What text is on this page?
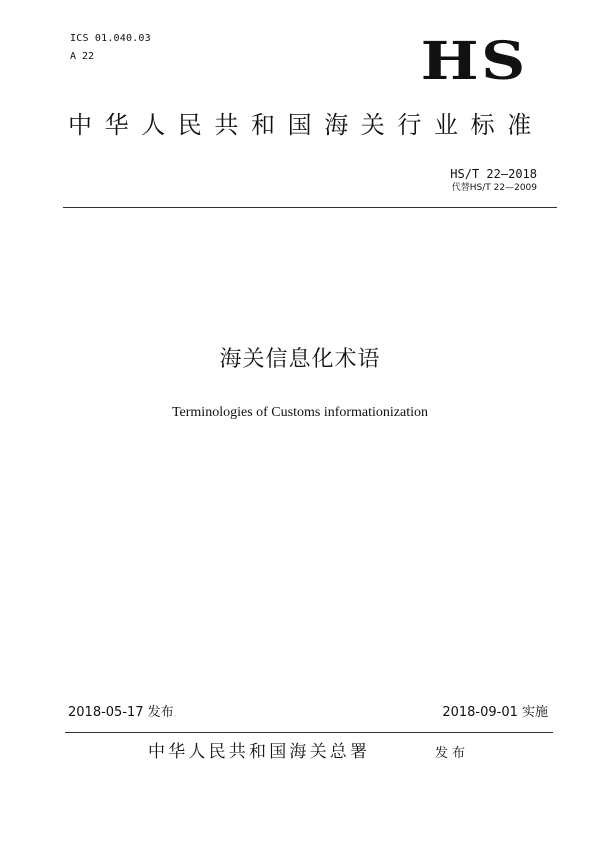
ICS 01.040.03
A 22	HS
中华人民共和国海关行业标准
HS/T 22—2018
代替HS/T 22—2009
海关信息化术语
Terminologies of Customs informationization
2018-05-17 发布	2018-09-01 实施
中华人民共和国海关总署	发布
